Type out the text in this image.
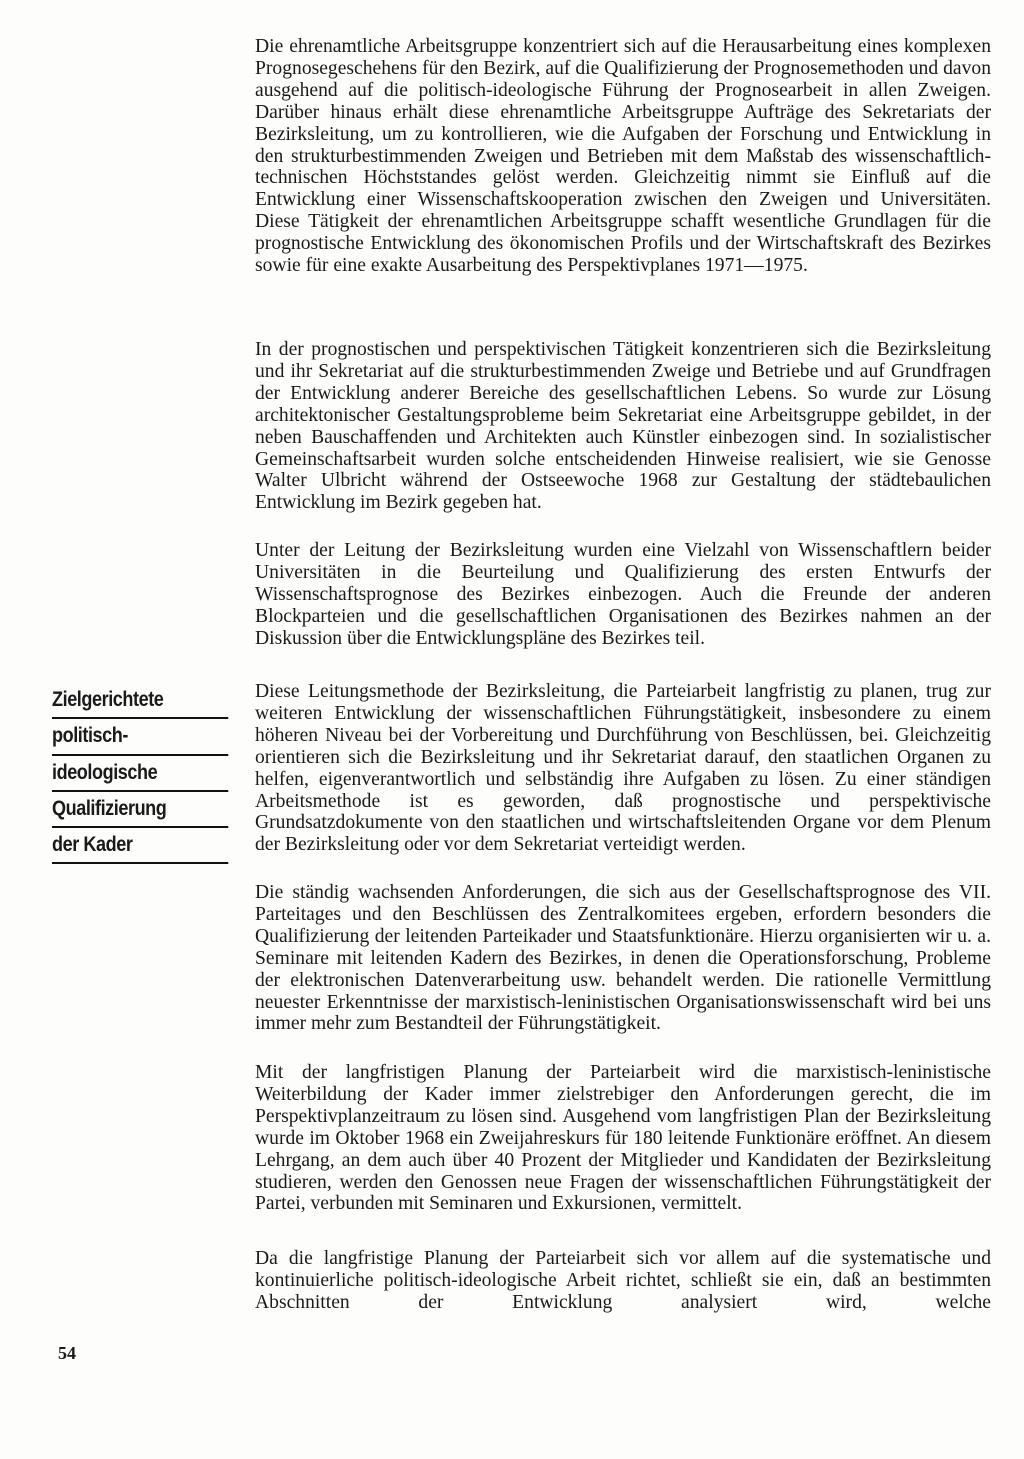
Die ehrenamtliche Arbeitsgruppe konzentriert sich auf die Herausarbeitung eines komplexen Prognosegeschehens für den Bezirk, auf die Qualifizierung der Prognosemethoden und davon ausgehend auf die politisch-ideologische Führung der Prognosearbeit in allen Zweigen. Darüber hinaus erhält diese ehrenamtliche Arbeitsgruppe Aufträge des Sekretariats der Bezirksleitung, um zu kontrollieren, wie die Aufgaben der Forschung und Entwicklung in den strukturbestimmenden Zweigen und Betrieben mit dem Maßstab des wissenschaftlich-technischen Höchststandes gelöst werden. Gleichzeitig nimmt sie Einfluß auf die Entwicklung einer Wissenschaftskooperation zwischen den Zweigen und Universitäten. Diese Tätigkeit der ehrenamtlichen Arbeitsgruppe schafft wesentliche Grundlagen für die prognostische Entwicklung des ökonomischen Profils und der Wirtschaftskraft des Bezirkes sowie für eine exakte Ausarbeitung des Perspektivplanes 1971—1975.

In der prognostischen und perspektivischen Tätigkeit konzentrieren sich die Bezirksleitung und ihr Sekretariat auf die strukturbestimmenden Zweige und Betriebe und auf Grundfragen der Entwicklung anderer Bereiche des gesellschaftlichen Lebens. So wurde zur Lösung architektonischer Gestaltungsprobleme beim Sekretariat eine Arbeitsgruppe gebildet, in der neben Bauschaffenden und Architekten auch Künstler einbezogen sind. In sozialistischer Gemeinschaftsarbeit wurden solche entscheidenden Hinweise realisiert, wie sie Genosse Walter Ulbricht während der Ostseewoche 1968 zur Gestaltung der städtebaulichen Entwicklung im Bezirk gegeben hat.

Unter der Leitung der Bezirksleitung wurden eine Vielzahl von Wissenschaftlern beider Universitäten in die Beurteilung und Qualifizierung des ersten Entwurfs der Wissenschaftsprognose des Bezirkes einbezogen. Auch die Freunde der anderen Blockparteien und die gesellschaftlichen Organisationen des Bezirkes nahmen an der Diskussion über die Entwicklungspläne des Bezirkes teil.

Zielgerichtete
politisch-
ideologische
Qualifizierung
der Kader

Diese Leitungsmethode der Bezirksleitung, die Parteiarbeit langfristig zu planen, trug zur weiteren Entwicklung der wissenschaftlichen Führungstätigkeit, insbesondere zu einem höheren Niveau bei der Vorbereitung und Durchführung von Beschlüssen, bei. Gleichzeitig orientieren sich die Bezirksleitung und ihr Sekretariat darauf, den staatlichen Organen zu helfen, eigenverantwortlich und selbständig ihre Aufgaben zu lösen. Zu einer ständigen Arbeitsmethode ist es geworden, daß prognostische und perspektivische Grundsatzdokumente von den staatlichen und wirtschaftsleitenden Organe vor dem Plenum der Bezirksleitung oder vor dem Sekretariat verteidigt werden.

Die ständig wachsenden Anforderungen, die sich aus der Gesellschaftsprognose des VII. Parteitages und den Beschlüssen des Zentralkomitees ergeben, erfordern besonders die Qualifizierung der leitenden Parteikader und Staatsfunktionäre. Hierzu organisierten wir u. a. Seminare mit leitenden Kadern des Bezirkes, in denen die Operationsforschung, Probleme der elektronischen Datenverarbeitung usw. behandelt werden. Die rationelle Vermittlung neuester Erkenntnisse der marxistisch-leninistischen Organisationswissenschaft wird bei uns immer mehr zum Bestandteil der Führungstätigkeit.

Mit der langfristigen Planung der Parteiarbeit wird die marxistisch-leninistische Weiterbildung der Kader immer zielstrebiger den Anforderungen gerecht, die im Perspektivplanzeitraum zu lösen sind. Ausgehend vom langfristigen Plan der Bezirksleitung wurde im Oktober 1968 ein Zweijahreskurs für 180 leitende Funktionäre eröffnet. An diesem Lehrgang, an dem auch über 40 Prozent der Mitglieder und Kandidaten der Bezirksleitung studieren, werden den Genossen neue Fragen der wissenschaftlichen Führungstätigkeit der Partei, verbunden mit Seminaren und Exkursionen, vermittelt.

Da die langfristige Planung der Parteiarbeit sich vor allem auf die systematische und kontinuierliche politisch-ideologische Arbeit richtet, schließt sie ein, daß an bestimmten Abschnitten der Entwicklung analysiert wird, welche

54
